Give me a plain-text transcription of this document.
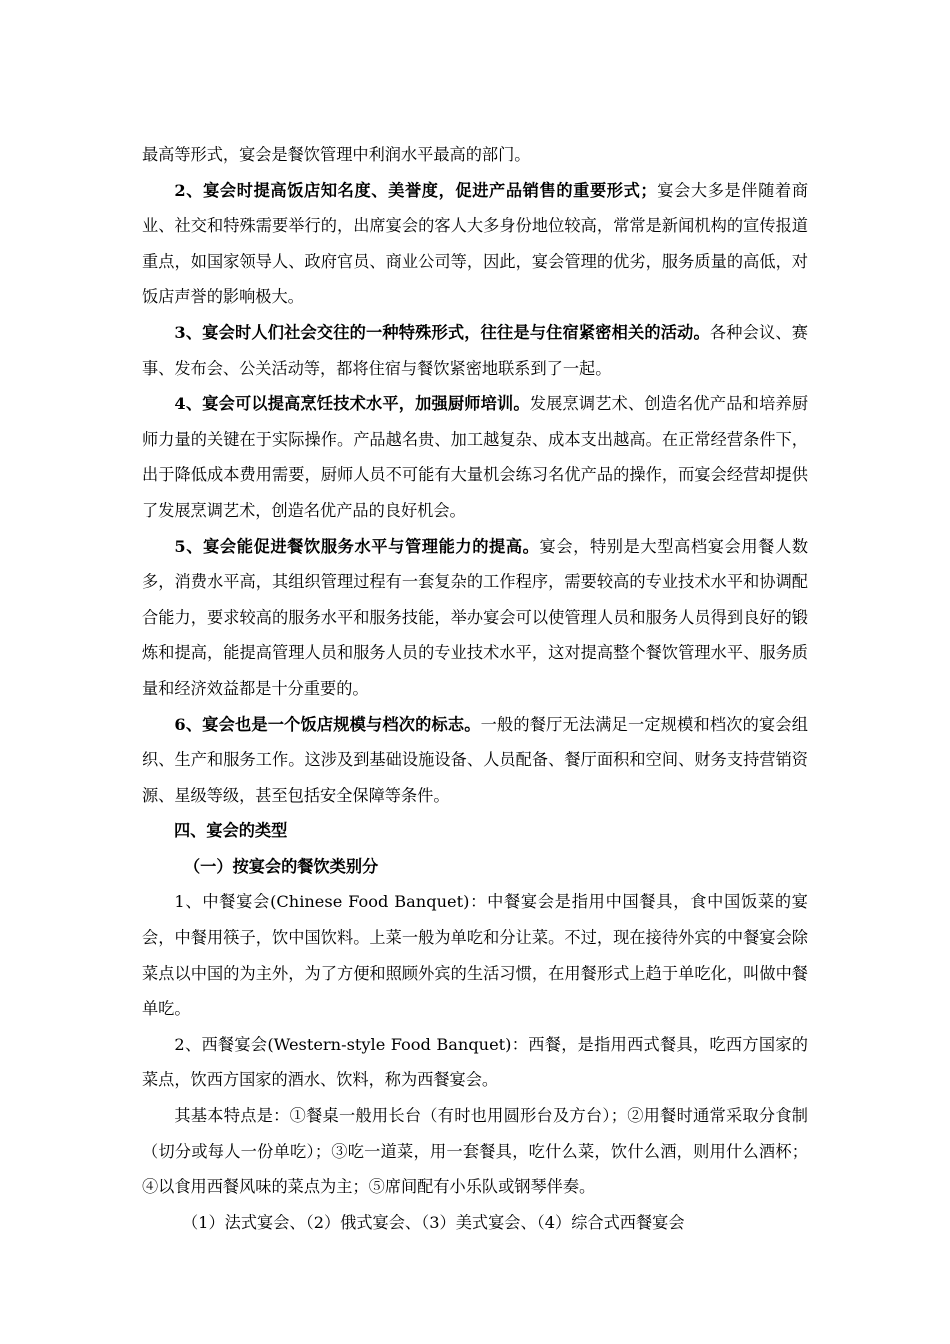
最高等形式，宴会是餐饮管理中利润水平最高的部门。

2、宴会时提高饭店知名度、美誉度，促进产品销售的重要形式；宴会大多是伴随着商业、社交和特殊需要举行的，出席宴会的客人大多身份地位较高，常常是新闻机构的宣传报道重点，如国家领导人、政府官员、商业公司等，因此，宴会管理的优劣，服务质量的高低，对饭店声誉的影响极大。

3、宴会时人们社会交往的一种特殊形式，往往是与住宿紧密相关的活动。各种会议、赛事、发布会、公关活动等，都将住宿与餐饮紧密地联系到了一起。

4、宴会可以提高烹饪技术水平，加强厨师培训。发展烹调艺术、创造名优产品和培养厨师力量的关键在于实际操作。产品越名贵、加工越复杂、成本支出越高。在正常经营条件下，出于降低成本费用需要，厨师人员不可能有大量机会练习名优产品的操作，而宴会经营却提供了发展烹调艺术，创造名优产品的良好机会。

5、宴会能促进餐饮服务水平与管理能力的提高。宴会，特别是大型高档宴会用餐人数多，消费水平高，其组织管理过程有一套复杂的工作程序，需要较高的专业技术水平和协调配合能力，要求较高的服务水平和服务技能，举办宴会可以使管理人员和服务人员得到良好的锻炼和提高，能提高管理人员和服务人员的专业技术水平，这对提高整个餐饮管理水平、服务质量和经济效益都是十分重要的。

6、宴会也是一个饭店规模与档次的标志。一般的餐厅无法满足一定规模和档次的宴会组织、生产和服务工作。这涉及到基础设施设备、人员配备、餐厅面积和空间、财务支持营销资源、星级等级，甚至包括安全保障等条件。

四、宴会的类型

（一）按宴会的餐饮类别分

1、中餐宴会(Chinese Food Banquet)：中餐宴会是指用中国餐具，食中国饭菜的宴会，中餐用筷子，饮中国饮料。上菜一般为单吃和分让菜。不过，现在接待外宾的中餐宴会除菜点以中国的为主外，为了方便和照顾外宾的生活习惯，在用餐形式上趋于单吃化，叫做中餐单吃。

2、西餐宴会(Western-style Food Banquet)：西餐，是指用西式餐具，吃西方国家的菜点，饮西方国家的酒水、饮料，称为西餐宴会。

其基本特点是：①餐桌一般用长台（有时也用圆形台及方台）；②用餐时通常采取分食制（切分或每人一份单吃）；③吃一道菜，用一套餐具，吃什么菜，饮什么酒，则用什么酒杯；④以食用西餐风味的菜点为主；⑤席间配有小乐队或钢琴伴奏。

（1）法式宴会、（2）俄式宴会、（3）美式宴会、（4）综合式西餐宴会
